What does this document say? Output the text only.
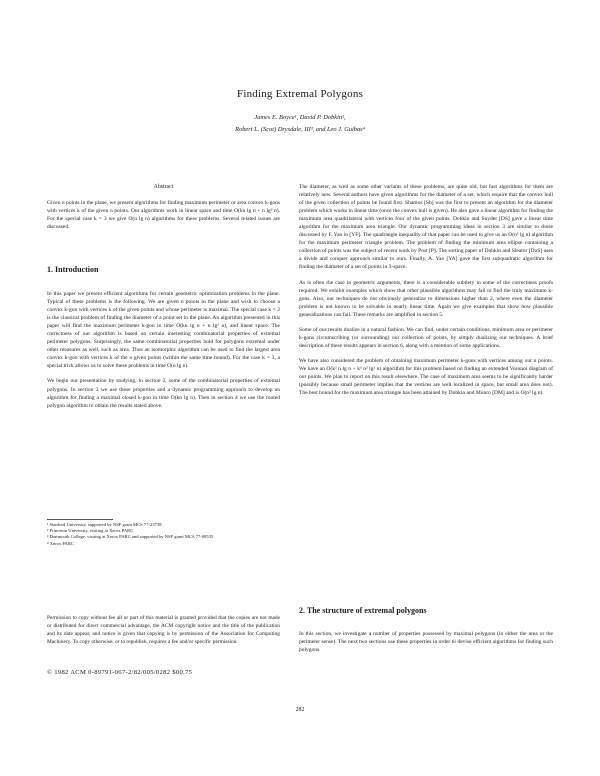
Finding Extremal Polygons
James E. Boyce¹, David P. Dobkin²,
Robert L. (Scot) Drysdale, III³, and Leo J. Guibas⁴
Abstract

Given n points in the plane, we present algorithms for finding maximum perimeter or area convex k-gons with vertices k of the given n points. Our algorithms work in linear space and time O(kn lg n + n lg² n). For the special case k = 3 we give O(n lg n) algorithms for these problems. Several related issues are discussed.

1. Introduction

In this paper we present efficient algorithms for certain geometric optimization problems in the plane. Typical of these problems is the following. We are given n points in the plane and wish to choose a convex k-gon with vertices k of the given points and whose perimeter is maximal. The special case k = 2 is the classical problem of finding the diameter of a point set in the plane. An algorithm presented in this paper will find the maximum perimeter k-gon in time O(kn lg n + n lg² n), and linear space. The correctness of our algorithm is based on certain interesting combinatorial properties of extremal perimeter polygons. Surprisingly, the same combinatorial properties hold for polygons extremal under other measures as well, such as area. Thus an isomorphic algorithm can be used to find the largest area convex k-gon with vertices k of the n given points (within the same time bound). For the case k = 3, a special trick allows us to solve these problems in time O(n lg n).

We begin our presentation by studying, in section 2, some of the combinatorial properties of extremal polygons. In section 3 we use these properties and a dynamic programming approach to develop an algorithm for finding a maximal closed k-gon in time O(kn lg n). Then in section 4 we use the rooted polygon algorithm to obtain the results stated above.

¹ Stanford University, supported by NSF grant MCS 77-23738
² Princeton University, visiting at Xerox PARC
³ Dartmouth College, visiting at Xerox PARC and supported by NSF grant MCS 77-08535
⁴ Xerox PARC
Permission to copy without fee all or part of this material is granted provided that the copies are not made or distributed for direct commercial advantage, the ACM copyright notice and the title of the publication and its date appear, and notice is given that copying is by permission of the Association for Computing Machinery. To copy otherwise, or to republish, requires a fee and/or specific permission.
© 1982 ACM 0-89791-067-2/82/005/0282 $00.75

The diameter, as well as some other variants of these problems, are quite old, but fast algorithms for them are relatively new. Several authors have given algorithms for the diameter of a set, which require that the convex hull of the given collection of points be found first. Shamos [Sh] was the first to present an algorithm for the diameter problem which works in linear time (once the convex hull is given). He also gave a linear algorithm for finding the maximum area quadrilateral with vertices four of the given points. Dobkin and Snyder [DS] gave a linear time algorithm for the maximum area triangle. Our dynamic programming ideas in section 3 are similar to those discussed by F. Yao in [YF]. The quadrangle inequality of that paper can be used to give us an O(n² lg n) algorithm for the maximum perimeter triangle problem. The problem of finding the minimum area ellipse containing a collection of points was the subject of recent work by Post [P]. The sorting paper of Dobkin and Sleator [DoS] uses a divide and conquer approach similar to ours. Finally, A. Yao [YA] gave the first subquadratic algorithm for finding the diameter of a set of points in 3-space.

As is often the case in geometric arguments, there is a considerable subtlety in some of the correctness proofs required. We exhibit examples which show that other plausible algorithms may fail to find the truly maximum k-gons. Also, our techniques do not obviously generalize to dimensions higher than 2, where even the diameter problem is not known to be solvable in nearly linear time. Again we give examples that show how plausible generalizations can fail. These remarks are amplified in section 5.

Some of our results dualize in a natural fashion. We can find, under certain conditions, minimum area or perimeter k-gons circumscribing (or surrounding) our collection of points, by simply dualizing our techniques. A brief description of these results appears in section 6, along with a mention of some applications.

We have also considered the problem of obtaining maximum perimeter k-gons with vertices among our n points. We have an O(k² n lg n + k³ n² lg² n) algorithm for this problem based on finding an extended Voronoi diagram of our points. We plan to report on this result elsewhere. The case of maximum area seems to be significantly harder (possibly because small perimeter implies that the vertices are well localized in space, but small area does not). The best bound for the maximum area triangle has been attained by Dobkin and Munro [DM] and is O(n² lg n).

2. The structure of extremal polygons
In this section, we investigate a number of properties possessed by maximal polygons (in either the area or the perimeter sense). The next two sections use these properties in order to devise efficient algorithms for finding such polygons.
282
